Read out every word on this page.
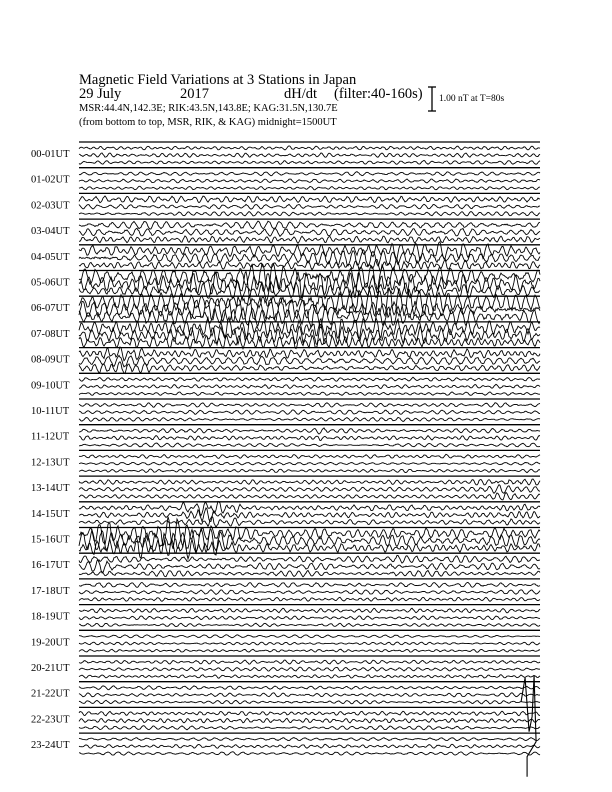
Magnetic Field Variations at 3 Stations in Japan
29 July	2017	dH/dt (filter:40-160s)
MSR:44.4N,142.3E; RIK:43.5N,143.8E; KAG:31.5N,130.7E
(from bottom to top, MSR, RIK, & KAG) midnight=1500UT
1.00 nT at T=80s
00-01UT
01-02UT
02-03UT
03-04UT
04-05UT
05-06UT
06-07UT
07-08UT
08-09UT
09-10UT
10-11UT
11-12UT
12-13UT
13-14UT
14-15UT
15-16UT
16-17UT
17-18UT
18-19UT
19-20UT
20-21UT
21-22UT
22-23UT
23-24UT
